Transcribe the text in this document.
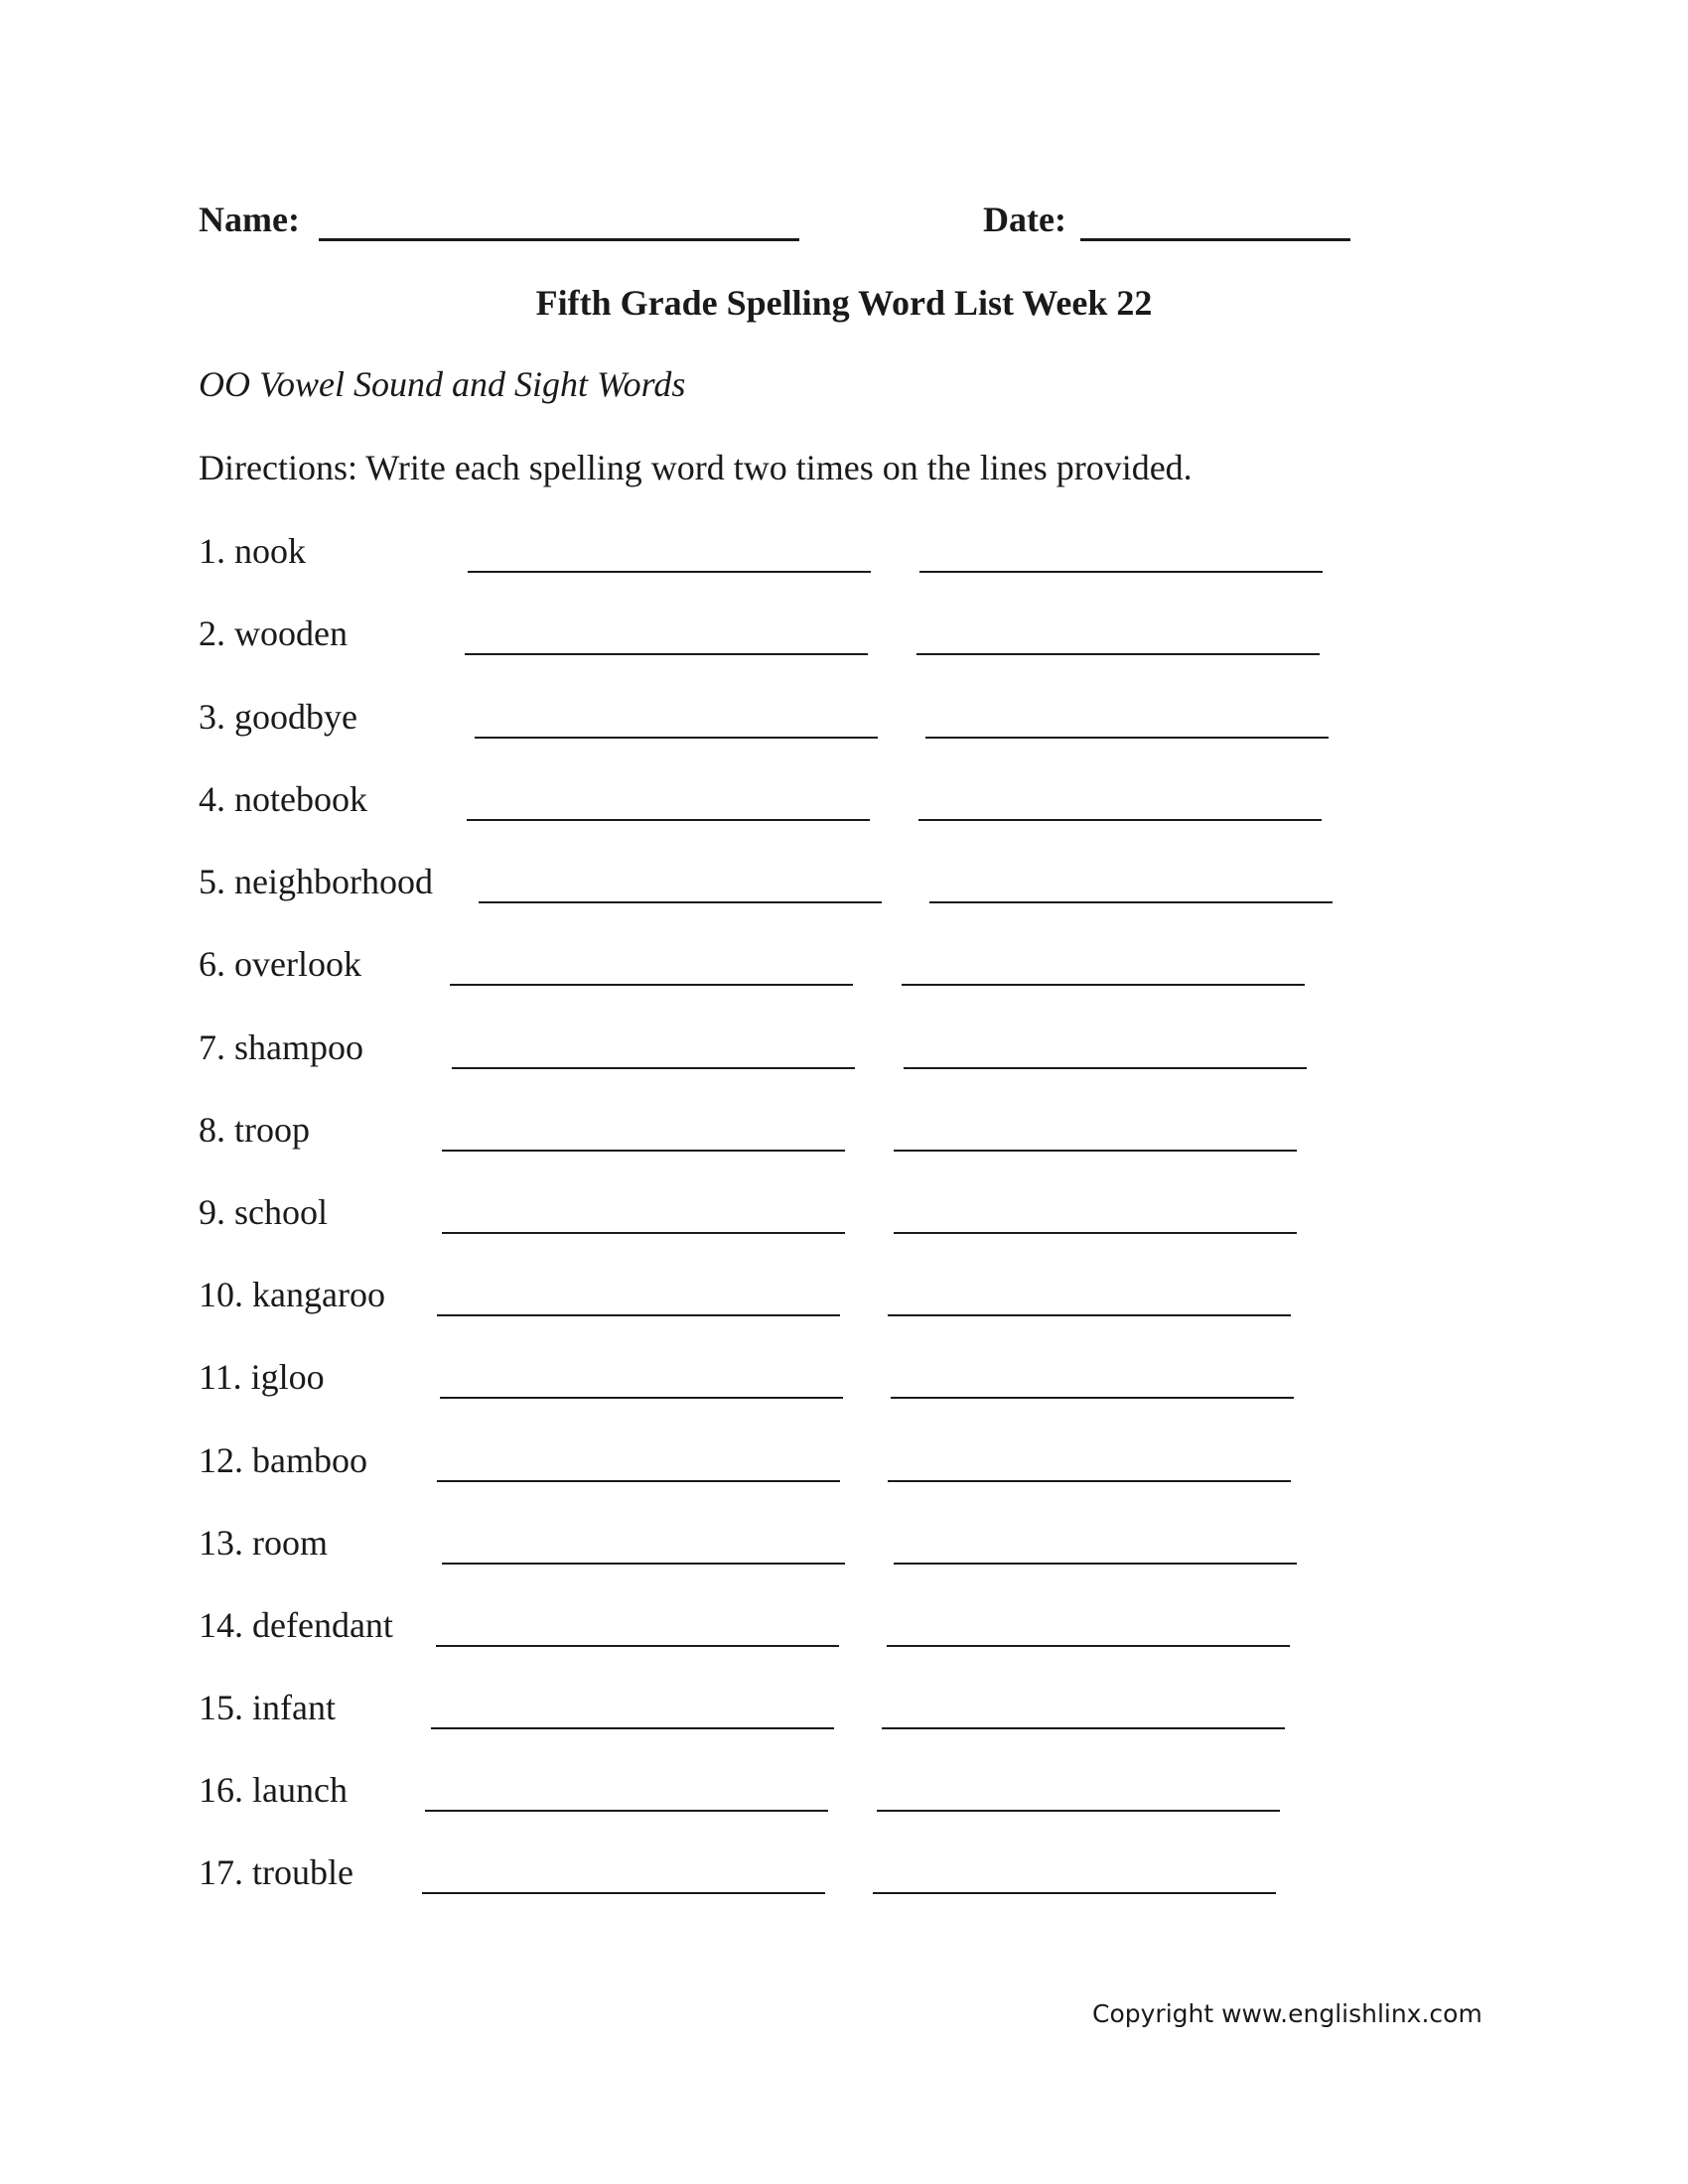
Name:	Date:
Fifth Grade Spelling Word List Week 22
OO Vowel Sound and Sight Words
Directions: Write each spelling word two times on the lines provided.
1. nook
2. wooden
3. goodbye
4. notebook
5. neighborhood
6. overlook
7. shampoo
8. troop
9. school
10. kangaroo
11. igloo
12. bamboo
13. room
14. defendant
15. infant
16. launch
17. trouble
Copyright www.englishlinx.com
